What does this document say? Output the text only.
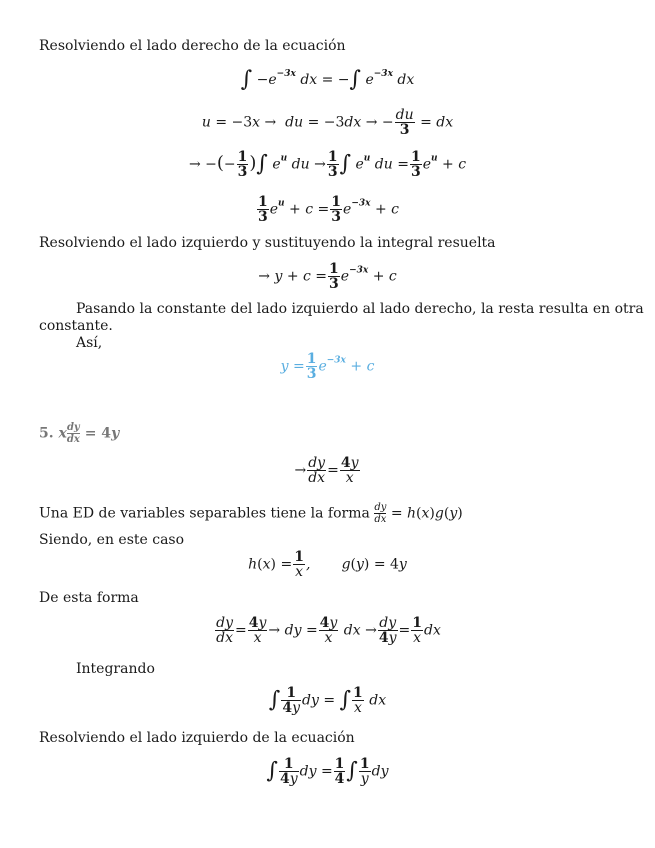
Resolviendo el lado derecho de la ecuación
∫ $-e^{-3x}$ dx = −∫ $e^{-3x}$ dx
u = −3x →  du = −3dx → − $\frac{du}{3}$ = dx
→ −(− $\frac{1}{3}$ )∫ $e^u$ du → $\frac{1}{3}$ ∫ $e^u$ du = $\frac{1}{3} e^u + c$
$\frac{1}{3} e^u + c = \frac{1}{3} e^{-3x} + c$
Resolviendo el lado izquierdo y sustituyendo la integral resuelta
→ $y + c = \frac{1}{3} e^{-3x} + c$
Pasando la constante del lado izquierdo al lado derecho, la resta resulta en otra
constante.
Así,
$y = \frac{1}{3} e^{-3x} + c$
5. x $\frac{dy}{dx} = 4y$
→ $\frac{dy}{dx} = \frac{4y}{x}$
Una ED de variables separables tiene la forma $\frac{dy}{dx} = h(x)g(y)$
Siendo, en este caso
$h(x) = \frac{1}{x}$ ,       g(y) = 4y
De esta forma
$\frac{dy}{dx} = \frac{4y}{x}$ → dy = $\frac{4y}{x}$ dx → $\frac{dy}{4y} = \frac{1}{x}$ dx
Integrando
∫ $\frac{1}{4y}$ dy = ∫ $\frac{1}{x}$ dx
Resolviendo el lado izquierdo de la ecuación
∫ $\frac{1}{4y}$ dy = $\frac{1}{4}$ ∫ $\frac{1}{y}$ dy
